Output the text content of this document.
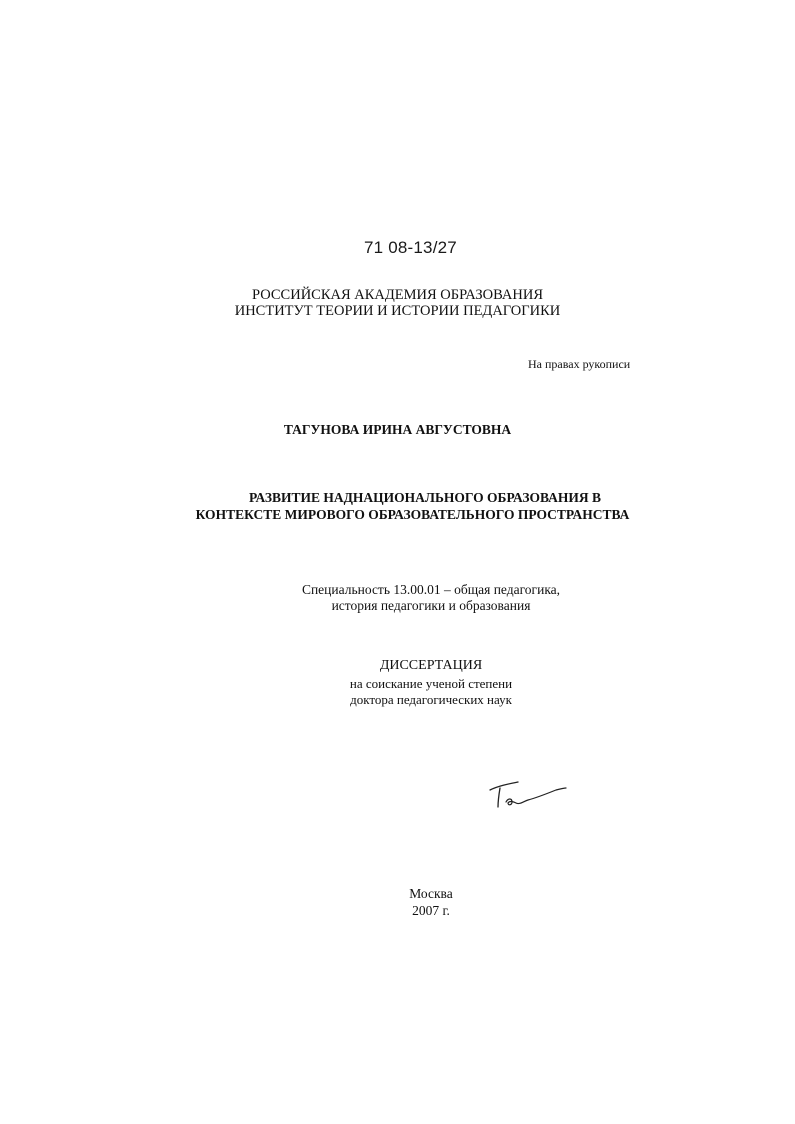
71 08-13/27
РОССИЙСКАЯ АКАДЕМИЯ ОБРАЗОВАНИЯ
ИНСТИТУТ ТЕОРИИ И ИСТОРИИ ПЕДАГОГИКИ
На правах рукописи
ТАГУНОВА ИРИНА АВГУСТОВНА
РАЗВИТИЕ НАДНАЦИОНАЛЬНОГО ОБРАЗОВАНИЯ В
КОНТЕКСТЕ МИРОВОГО ОБРАЗОВАТЕЛЬНОГО ПРОСТРАНСТВА
Специальность 13.00.01 – общая педагогика,
история педагогики и образования
ДИССЕРТАЦИЯ
на соискание ученой степени
доктора педагогических наук
Москва
2007 г.
